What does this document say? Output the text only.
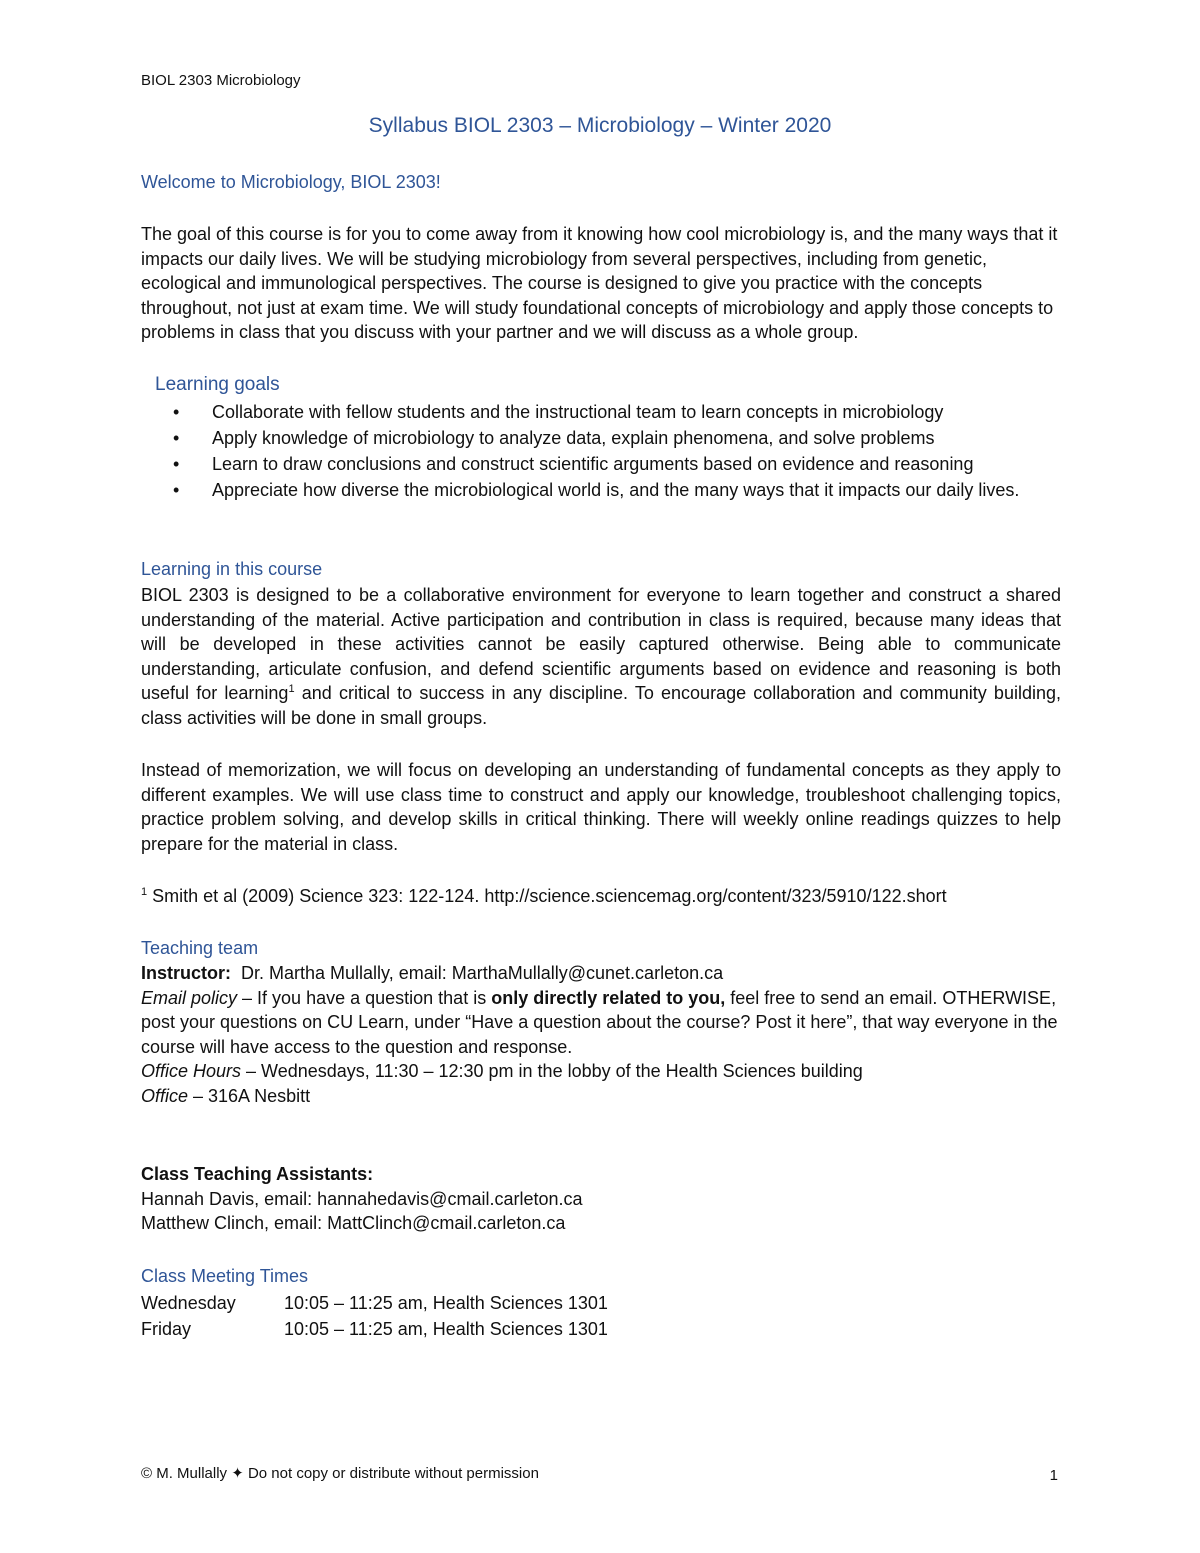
BIOL 2303 Microbiology
Syllabus BIOL 2303 – Microbiology – Winter 2020
Welcome to Microbiology, BIOL 2303!
The goal of this course is for you to come away from it knowing how cool microbiology is, and the many ways that it impacts our daily lives. We will be studying microbiology from several perspectives, including from genetic, ecological and immunological perspectives. The course is designed to give you practice with the concepts throughout, not just at exam time. We will study foundational concepts of microbiology and apply those concepts to problems in class that you discuss with your partner and we will discuss as a whole group.
Learning goals
• Collaborate with fellow students and the instructional team to learn concepts in microbiology
• Apply knowledge of microbiology to analyze data, explain phenomena, and solve problems
• Learn to draw conclusions and construct scientific arguments based on evidence and reasoning
• Appreciate how diverse the microbiological world is, and the many ways that it impacts our daily lives.
Learning in this course
BIOL 2303 is designed to be a collaborative environment for everyone to learn together and construct a shared understanding of the material. Active participation and contribution in class is required, because many ideas that will be developed in these activities cannot be easily captured otherwise. Being able to communicate understanding, articulate confusion, and defend scientific arguments based on evidence and reasoning is both useful for learning$^1$ and critical to success in any discipline. To encourage collaboration and community building, class activities will be done in small groups.
Instead of memorization, we will focus on developing an understanding of fundamental concepts as they apply to different examples. We will use class time to construct and apply our knowledge, troubleshoot challenging topics, practice problem solving, and develop skills in critical thinking. There will weekly online readings quizzes to help prepare for the material in class.
$^1$ Smith et al (2009) Science 323: 122-124. http://science.sciencemag.org/content/323/5910/122.short
Teaching team
Instructor:  Dr. Martha Mullally, email: MarthaMullally@cunet.carleton.ca
Email policy – If you have a question that is only directly related to you, feel free to send an email. OTHERWISE, post your questions on CU Learn, under “Have a question about the course? Post it here”, that way everyone in the course will have access to the question and response.
Office Hours – Wednesdays, 11:30 – 12:30 pm in the lobby of the Health Sciences building
Office – 316A Nesbitt
Class Teaching Assistants:
Hannah Davis, email: hannahedavis@cmail.carleton.ca
Matthew Clinch, email: MattClinch@cmail.carleton.ca
Class Meeting Times
Wednesday	10:05 – 11:25 am, Health Sciences 1301
Friday	10:05 – 11:25 am, Health Sciences 1301
© M. Mullally ✦ Do not copy or distribute without permission	1
